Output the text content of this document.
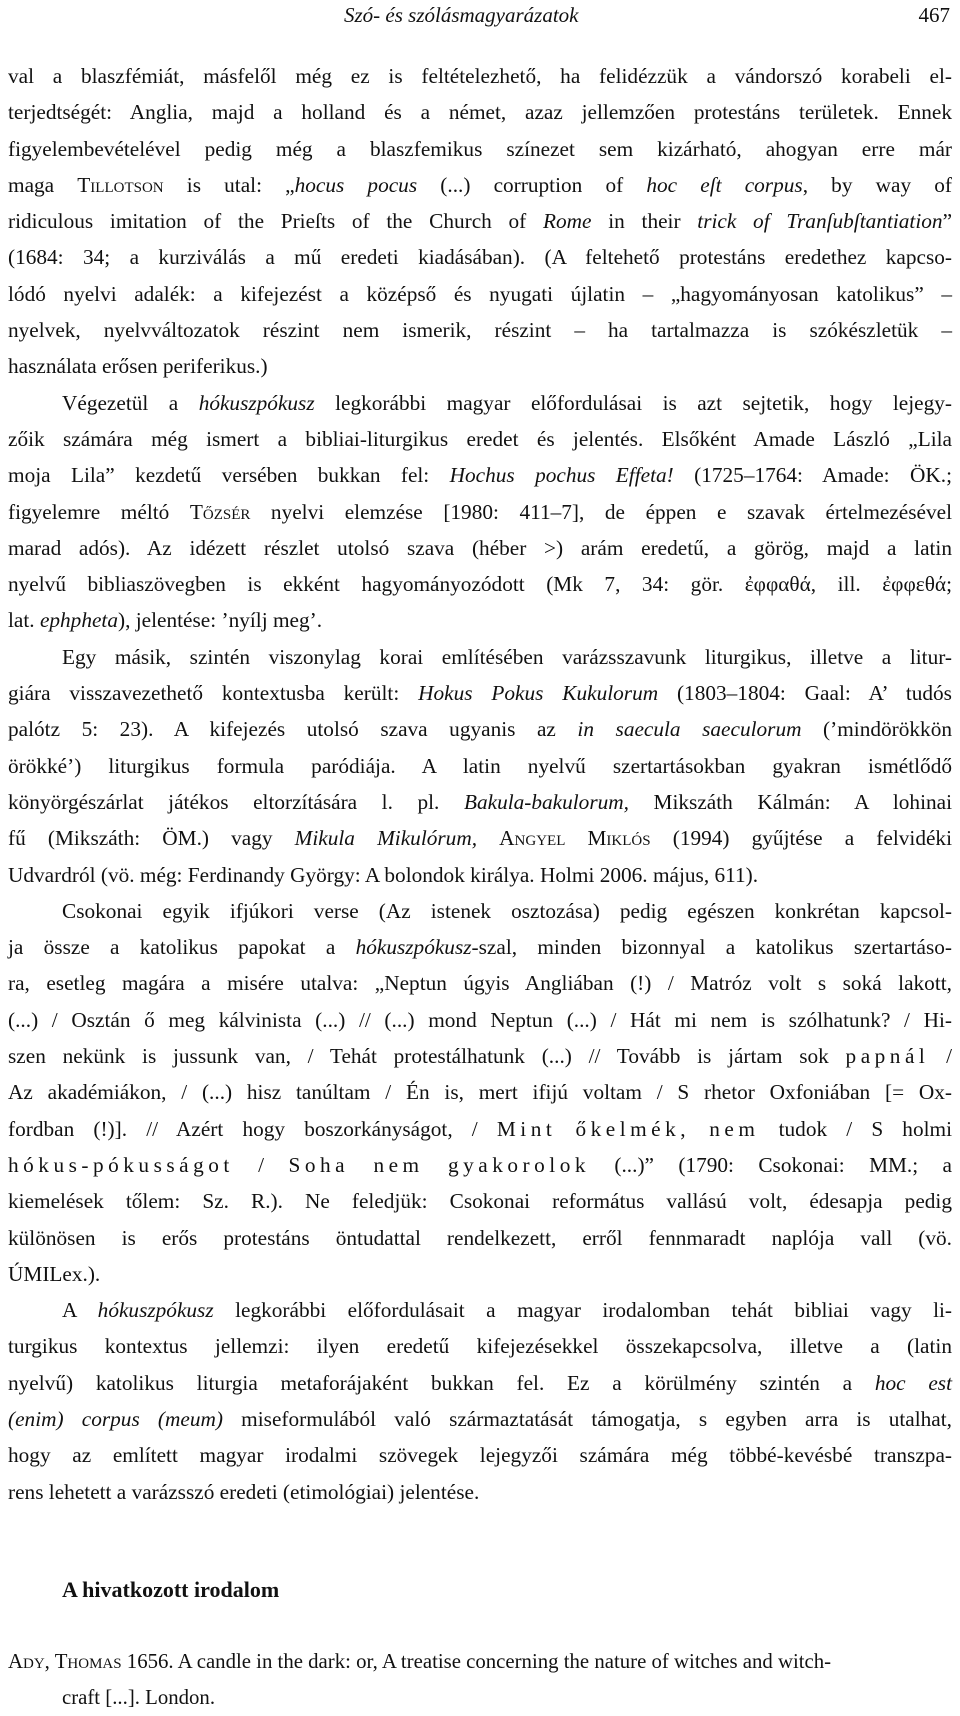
Szó- és szólásmagyarázatok	467
val a blaszfémiát, másfelől még ez is feltételezhető, ha felidézzük a vándorszó korabeli el-
terjedtségét: Anglia, majd a holland és a német, azaz jellemzően protestáns területek. Ennek
figyelembevételével pedig még a blaszfemikus színezet sem kizárható, ahogyan erre már
maga Tillotson is utal: „hocus pocus (...) corruption of hoc eſt corpus, by way of
ridiculous imitation of the Prieſts of the Church of Rome in their trick of Tranſubſtantiation”
(1684: 34; a kurziválás a mű eredeti kiadásában). (A feltehető protestáns eredethez kapcso-
lódó nyelvi adalék: a kifejezést a középső és nyugati újlatin – „hagyományosan katolikus” –
nyelvek, nyelvváltozatok részint nem ismerik, részint – ha tartalmazza is szókészletük –
használata erősen periferikus.)
Végezetül a hókuszpókusz legkorábbi magyar előfordulásai is azt sejtetik, hogy lejegy-
zőik számára még ismert a bibliai-liturgikus eredet és jelentés. Elsőként Amade László „Lila
moja Lila” kezdetű versében bukkan fel: Hochus pochus Effeta! (1725–1764: Amade: ÖK.;
figyelemre méltó Tőzsér nyelvi elemzése [1980: 411–7], de éppen e szavak értelmezésével
marad adós). Az idézett részlet utolsó szava (héber >) arám eredetű, a görög, majd a latin
nyelvű bibliaszövegben is ekként hagyományozódott (Mk 7, 34: gör. ἐφφαθά, ill. ἐφφεθά;
lat. ephpheta), jelentése: ’nyílj meg’.
Egy másik, szintén viszonylag korai említésében varázsszavunk liturgikus, illetve a litur-
giára visszavezethető kontextusba került: Hokus Pokus Kukulorum (1803–1804: Gaal: A’ tudós
palótz 5: 23). A kifejezés utolsó szava ugyanis az in saecula saeculorum (’mindörökkön
örökké’) liturgikus formula paródiája. A latin nyelvű szertartásokban gyakran ismétlődő
könyörgészárlat játékos eltorzítására l. pl. Bakula-bakulorum, Mikszáth Kálmán: A lohinai
fű (Mikszáth: ÖM.) vagy Mikula Mikulórum, Angyel Miklós (1994) gyűjtése a felvidéki
Udvardról (vö. még: Ferdinandy György: A bolondok királya. Holmi 2006. május, 611).
Csokonai egyik ifjúkori verse (Az istenek osztozása) pedig egészen konkrétan kapcsol-
ja össze a katolikus papokat a hókuszpókusz-szal, minden bizonnyal a katolikus szertartáso-
ra, esetleg magára a misére utalva: „Neptun úgyis Angliában (!) / Matróz volt s soká lakott,
(...) / Osztán ő meg kálvinista (...) // (...) mond Neptun (...) / Hát mi nem is szólhatunk? / Hi-
szen nekünk is jussunk van, / Tehát protestálhatunk (...) // Tovább is jártam sok papnál /
Az akadémiákon, / (...) hisz tanúltam / Én is, mert ifijú voltam / S rhetor Oxfoniában [= Ox-
fordban (!)]. // Azért hogy boszorkányságot, / Mint őkelmék, nem tudok / S holmi
hókus-pókusságot / Soha nem gyakorolok (...)” (1790: Csokonai: MM.; a
kiemelések tőlem: Sz. R.). Ne feledjük: Csokonai református vallású volt, édesapja pedig
különösen is erős protestáns öntudattal rendelkezett, erről fennmaradt naplója vall (vö.
ÚMILex.).
A hókuszpókusz legkorábbi előfordulásait a magyar irodalomban tehát bibliai vagy li-
turgikus kontextus jellemzi: ilyen eredetű kifejezésekkel összekapcsolva, illetve a (latin
nyelvű) katolikus liturgia metaforájaként bukkan fel. Ez a körülmény szintén a hoc est
(enim) corpus (meum) miseformulából való származtatását támogatja, s egyben arra is utalhat,
hogy az említett magyar irodalmi szövegek lejegyzői számára még többé-kevésbé transzpa-
rens lehetett a varázsszó eredeti (etimológiai) jelentése.
A hivatkozott irodalom
Ady, Thomas 1656. A candle in the dark: or, A treatise concerning the nature of witches and witch-
craft [...]. London.
